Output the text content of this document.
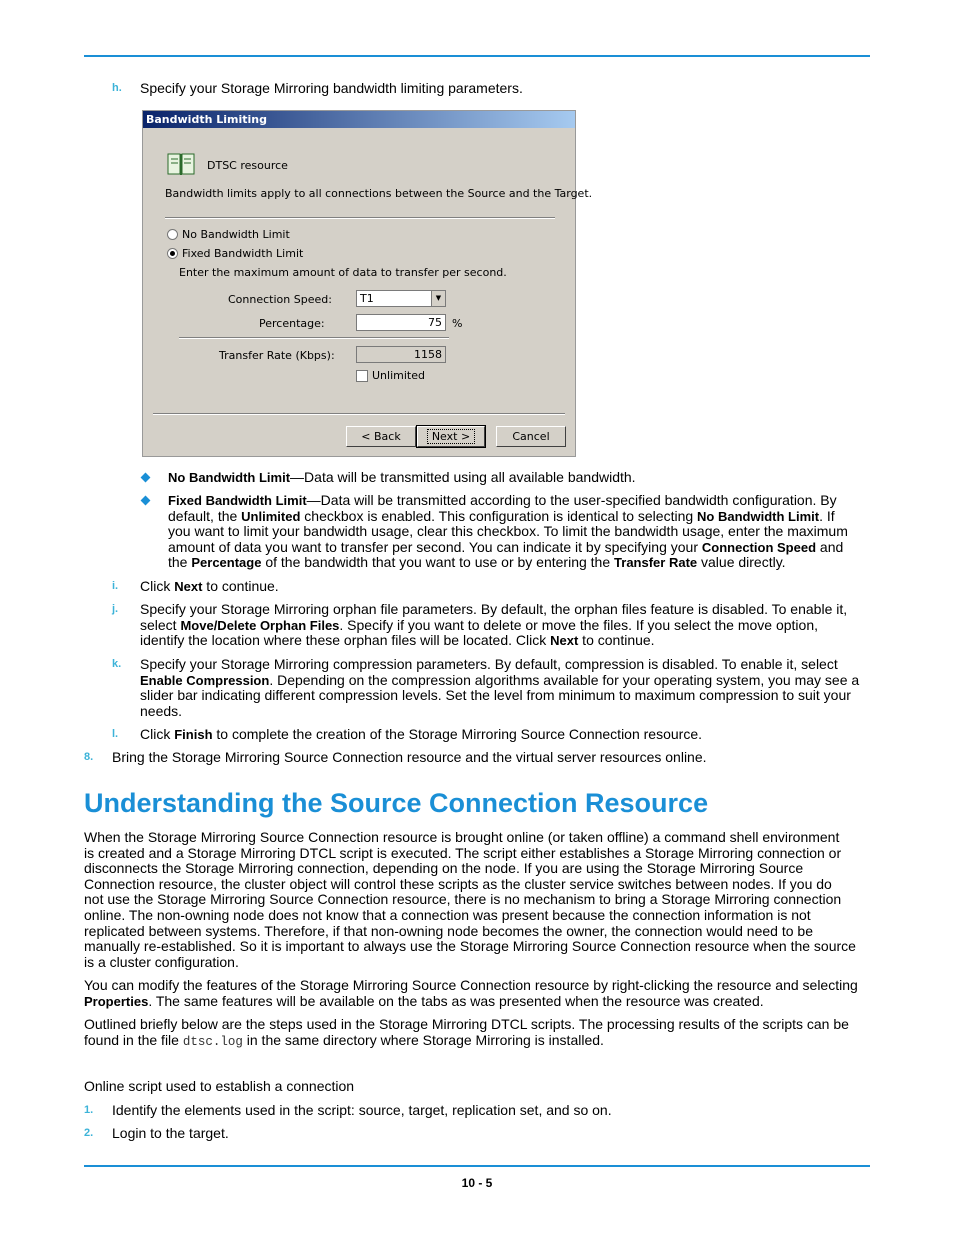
h. Specify your Storage Mirroring bandwidth limiting parameters.
Bandwidth Limiting
DTSC resource
Bandwidth limits apply to all connections between the Source and the Target.
No Bandwidth Limit
Fixed Bandwidth Limit
Enter the maximum amount of data to transfer per second.
Connection Speed:	T1	▼
Percentage:	75 %
Transfer Rate (Kbps):	1158
Unlimited
< Back	Next >	Cancel
No Bandwidth Limit—Data will be transmitted using all available bandwidth.
Fixed Bandwidth Limit—Data will be transmitted according to the user-specified bandwidth configuration. By
default, the Unlimited checkbox is enabled. This configuration is identical to selecting No Bandwidth Limit. If
you want to limit your bandwidth usage, clear this checkbox. To limit the bandwidth usage, enter the maximum
amount of data you want to transfer per second. You can indicate it by specifying your Connection Speed and
the Percentage of the bandwidth that you want to use or by entering the Transfer Rate value directly.
i. Click Next to continue.
j. Specify your Storage Mirroring orphan file parameters. By default, the orphan files feature is disabled. To enable it,
select Move/Delete Orphan Files. Specify if you want to delete or move the files. If you select the move option,
identify the location where these orphan files will be located. Click Next to continue.
k. Specify your Storage Mirroring compression parameters. By default, compression is disabled. To enable it, select
Enable Compression. Depending on the compression algorithms available for your operating system, you may see a
slider bar indicating different compression levels. Set the level from minimum to maximum compression to suit your
needs.
l. Click Finish to complete the creation of the Storage Mirroring Source Connection resource.
8. Bring the Storage Mirroring Source Connection resource and the virtual server resources online.
Understanding the Source Connection Resource
When the Storage Mirroring Source Connection resource is brought online (or taken offline) a command shell environment
is created and a Storage Mirroring DTCL script is executed. The script either establishes a Storage Mirroring connection or
disconnects the Storage Mirroring connection, depending on the node. If you are using the Storage Mirroring Source
Connection resource, the cluster object will control these scripts as the cluster service switches between nodes. If you do
not use the Storage Mirroring Source Connection resource, there is no mechanism to bring a Storage Mirroring connection
online. The non-owning node does not know that a connection was present because the connection information is not
replicated between systems. Therefore, if that non-owning node becomes the owner, the connection would need to be
manually re-established. So it is important to always use the Storage Mirroring Source Connection resource when the source
is a cluster configuration.
You can modify the features of the Storage Mirroring Source Connection resource by right-clicking the resource and selecting
Properties. The same features will be available on the tabs as was presented when the resource was created.
Outlined briefly below are the steps used in the Storage Mirroring DTCL scripts. The processing results of the scripts can be
found in the file dtsc.log in the same directory where Storage Mirroring is installed.
Online script used to establish a connection
1. Identify the elements used in the script: source, target, replication set, and so on.
2. Login to the target.
10 - 5
